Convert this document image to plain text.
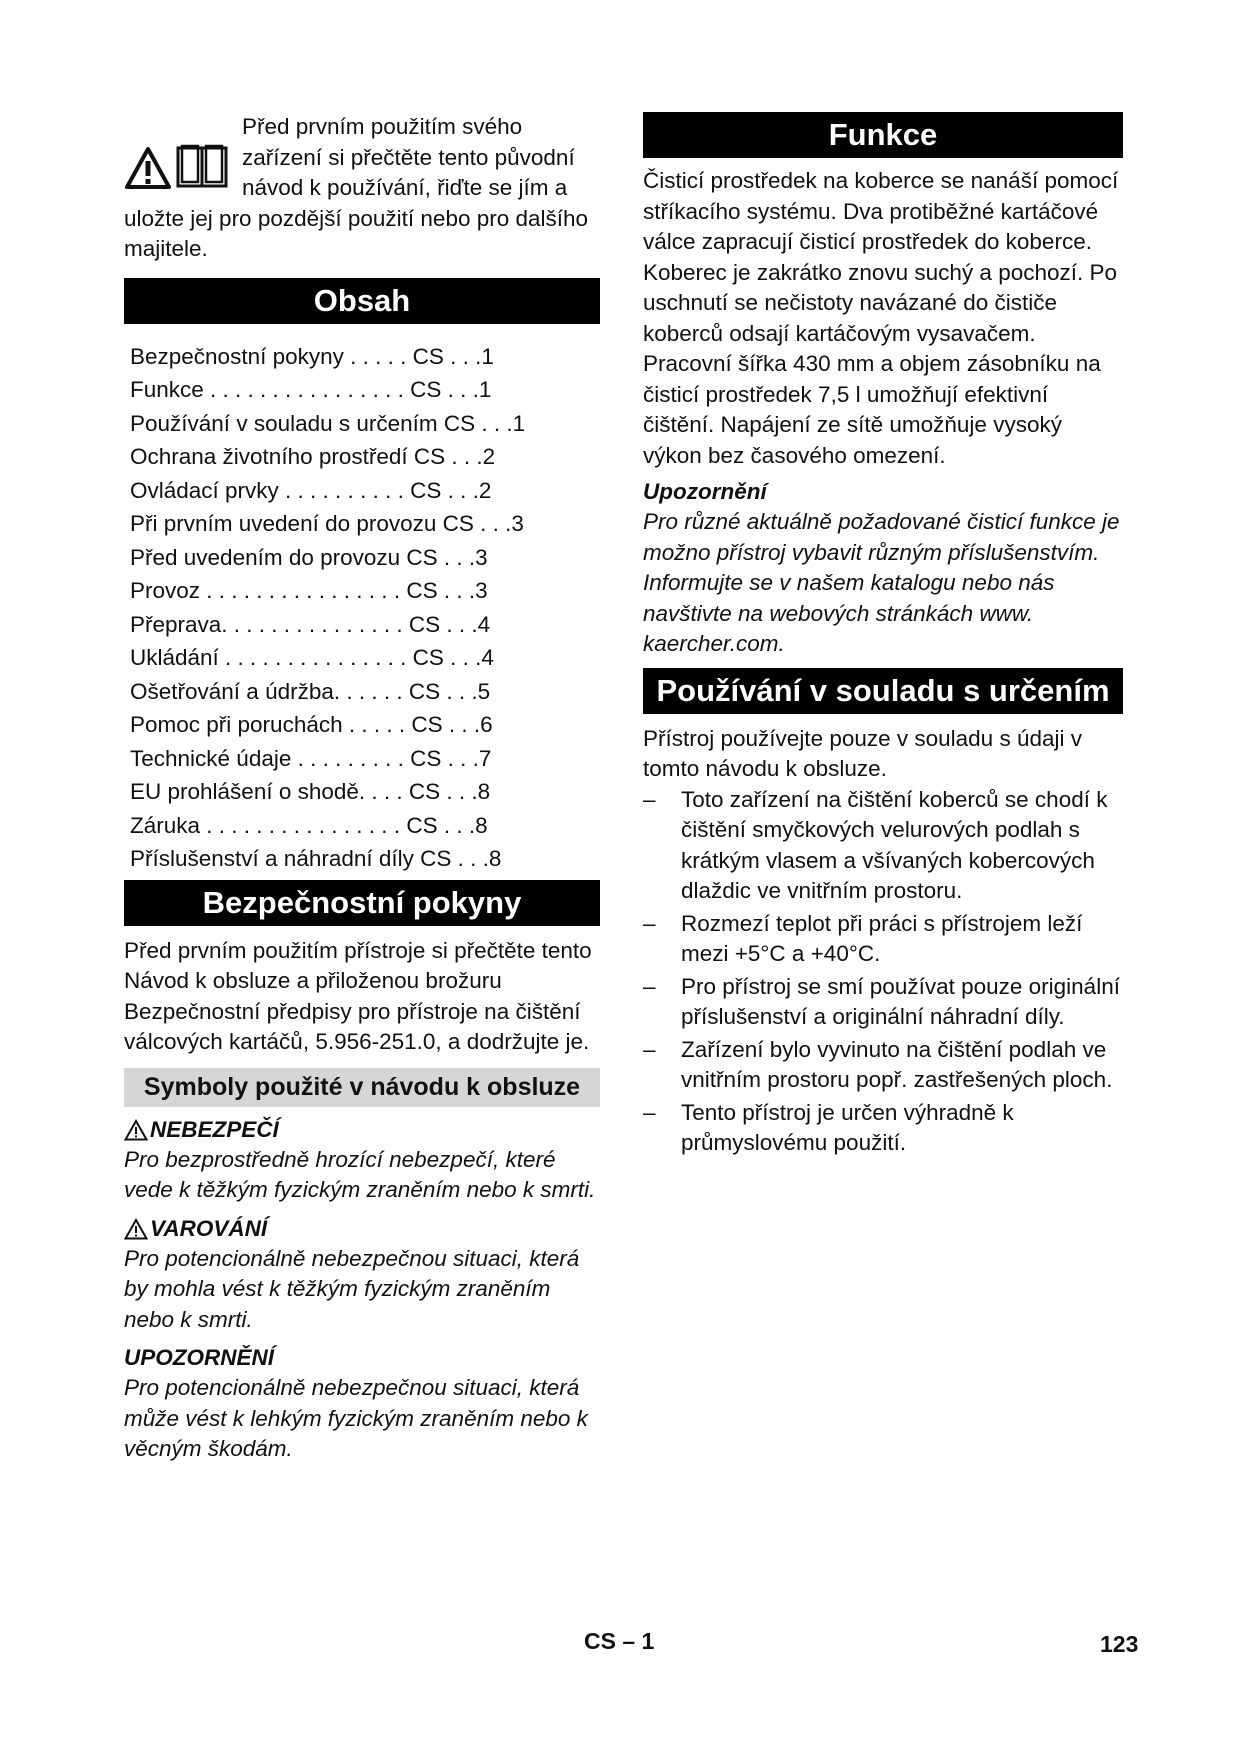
Před prvním použitím svého zařízení si přečtěte tento původní návod k používání, řiďte se jím a uložte jej pro pozdější použití nebo pro dalšího majitele.

Obsah
Bezpečnostní pokyny . . . . . CS . . .1
Funkce . . . . . . . . . . . . . . . . CS . . .1
Používání v souladu s určením CS . . .1
Ochrana životního prostředí CS . . .2
Ovládací prvky . . . . . . . . . . CS . . .2
Při prvním uvedení do provozu CS . . .3
Před uvedením do provozu CS . . .3
Provoz . . . . . . . . . . . . . . . . CS . . .3
Přeprava. . . . . . . . . . . . . . . CS . . .4
Ukládání . . . . . . . . . . . . . . . CS . . .4
Ošetřování a údržba. . . . . . CS . . .5
Pomoc při poruchách . . . . . CS . . .6
Technické údaje . . . . . . . . . CS . . .7
EU prohlášení o shodě. . . . CS . . .8
Záruka . . . . . . . . . . . . . . . . CS . . .8
Příslušenství a náhradní díly CS . . .8
Bezpečnostní pokyny

Před prvním použitím přístroje si přečtěte tento Návod k obsluze a přiloženou brožuru Bezpečnostní předpisy pro přístroje na čištění válcových kartáčů, 5.956-251.0, a dodržujte je.

Symboly použité v návodu k obsluze
NEBEZPEČÍ

Pro bezprostředně hrozící nebezpečí, které vede k těžkým fyzickým zraněním nebo k smrti.

VAROVÁNÍ

Pro potencionálně nebezpečnou situaci, která by mohla vést k těžkým fyzickým zraněním nebo k smrti.

UPOZORNĚNÍ

Pro potencionálně nebezpečnou situaci, která může vést k lehkým fyzickým zraněním nebo k věcným škodám.

Funkce

Čisticí prostředek na koberce se nanáší pomocí stříkacího systému. Dva protiběžné kartáčové válce zapracují čisticí prostředek do koberce. Koberec je zakrátko znovu suchý a pochozí. Po uschnutí se nečistoty navázané do čističe koberců odsají kartáčovým vysavačem. Pracovní šířka 430 mm a objem zásobníku na čisticí prostředek 7,5 l umožňují efektivní čištění. Napájení ze sítě umožňuje vysoký výkon bez časového omezení.

Upozornění

Pro různé aktuálně požadované čisticí funkce je možno přístroj vybavit různým příslušenstvím. Informujte se v našem katalogu nebo nás navštivte na webových stránkách www. kaercher.com.

Používání v souladu s určením

Přístroj používejte pouze v souladu s údaji v tomto návodu k obsluze.

– Toto zařízení na čištění koberců se chodí k čištění smyčkových velurových podlah s krátkým vlasem a všívaných kobercových dlaždic ve vnitřním prostoru.
– Rozmezí teplot při práci s přístrojem leží mezi +5°C a +40°C.
– Pro přístroj se smí používat pouze originální příslušenství a originální náhradní díly.
– Zařízení bylo vyvinuto na čištění podlah ve vnitřním prostoru popř. zastřešených ploch.
– Tento přístroj je určen výhradně k průmyslovému použití.
CS – 1	123
